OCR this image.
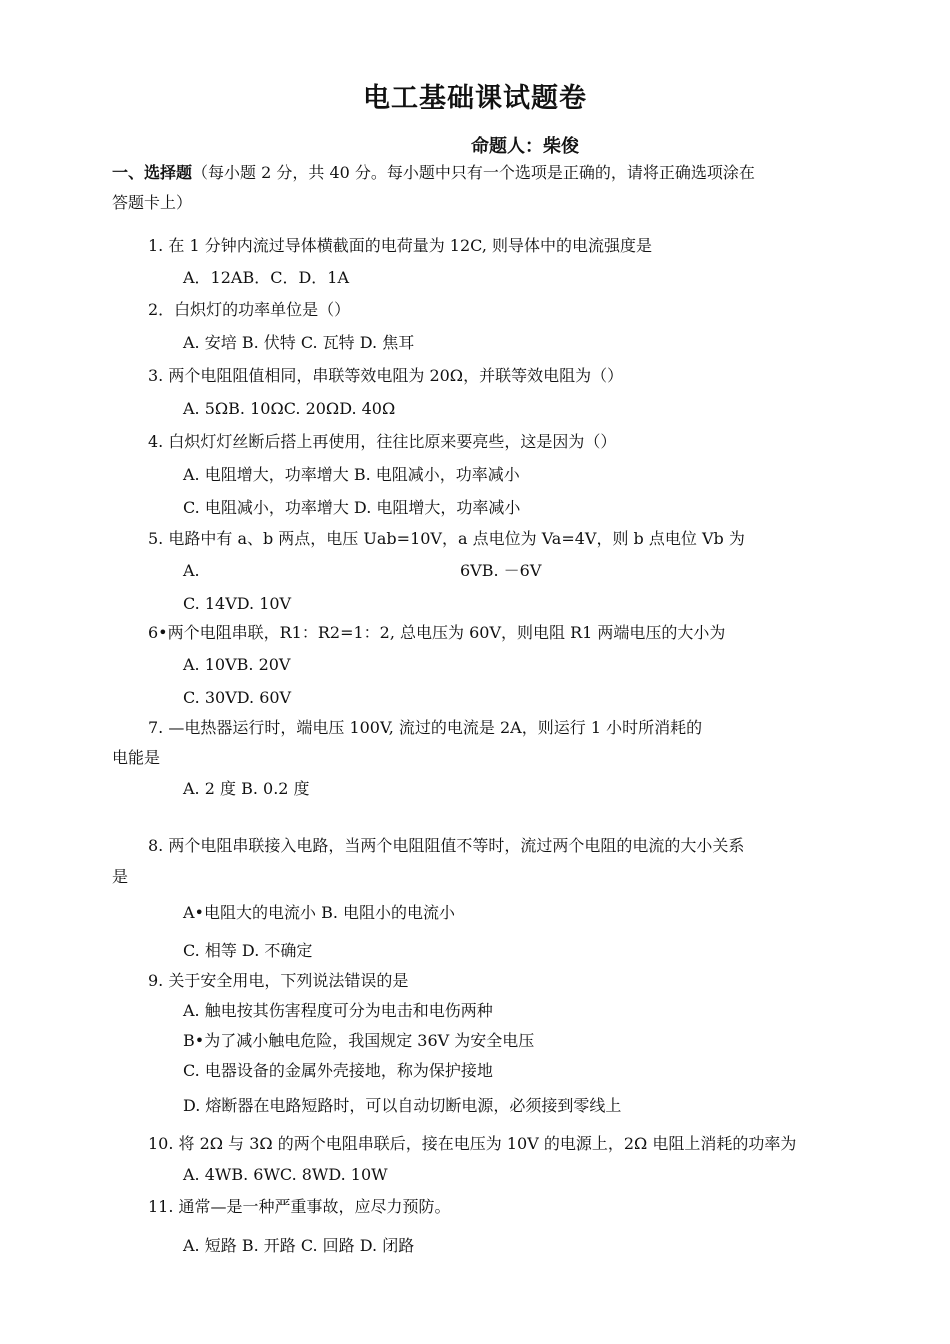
电工基础课试题卷
命题人：柴俊
一、选择题（每小题 2 分，共 40 分。每小题中只有一个选项是正确的，请将正确选项涂在
答题卡上）
1. 在 1 分钟内流过导体横截面的电荷量为 12C, 则导体中的电流强度是
A．12AB．C．D．1A
2．白炽灯的功率单位是（）
A. 安培 B. 伏特 C. 瓦特 D. 焦耳
3. 两个电阻阻值相同，串联等效电阻为 20Ω，并联等效电阻为（）
A. 5ΩB. 10ΩC. 20ΩD. 40Ω
4. 白炽灯灯丝断后搭上再使用，往往比原来要亮些，这是因为（）
A. 电阻增大，功率增大 B. 电阻减小，功率减小
C. 电阻减小，功率增大 D. 电阻增大，功率减小
5. 电路中有 a、b 两点，电压 Uab=10V，a 点电位为 Va=4V，则 b 点电位 Vb 为
A.	6VB. －6V
C. 14VD. 10V
6•两个电阻串联，R1：R2=1：2, 总电压为 60V，则电阻 R1 两端电压的大小为
A. 10VB. 20V
C. 30VD. 60V
7. —电热器运行时，端电压 100V, 流过的电流是 2A，则运行 1 小时所消耗的
电能是
A. 2 度 B. 0.2 度
8. 两个电阻串联接入电路，当两个电阻阻值不等时，流过两个电阻的电流的大小关系
是
A•电阻大的电流小 B. 电阻小的电流小
C. 相等 D. 不确定
9. 关于安全用电，下列说法错误的是
A. 触电按其伤害程度可分为电击和电伤两种
B•为了减小触电危险，我国规定 36V 为安全电压
C. 电器设备的金属外壳接地，称为保护接地
D. 熔断器在电路短路时，可以自动切断电源，必须接到零线上
10. 将 2Ω 与 3Ω 的两个电阻串联后，接在电压为 10V 的电源上，2Ω 电阻上消耗的功率为
A. 4WB. 6WC. 8WD. 10W
11. 通常—是一种严重事故，应尽力预防。
A. 短路 B. 开路 C. 回路 D. 闭路
